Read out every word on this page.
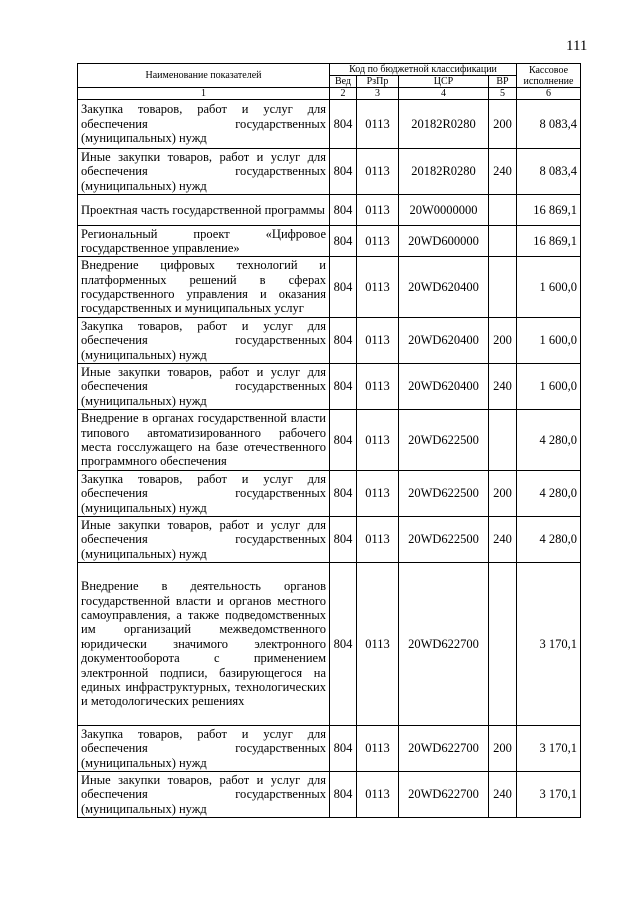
111
Наименование показателей	Код по бюджетной классификации				Кассовое исполнение
	Вед	РзПр	ЦСР	ВР	
1	2	3	4	5	6
Закупка товаров, работ и услуг для обеспечения государственных (муниципальных) нужд	804	0113	20182R0280	200	8 083,4
Иные закупки товаров, работ и услуг для обеспечения государственных (муниципальных) нужд	804	0113	20182R0280	240	8 083,4
Проектная часть государственной программы	804	0113	20W0000000		16 869,1
Региональный проект «Цифровое государственное управление»	804	0113	20WD600000		16 869,1
Внедрение цифровых технологий и платформенных решений в сферах государственного управления и оказания государственных и муниципальных услуг	804	0113	20WD620400		1 600,0
Закупка товаров, работ и услуг для обеспечения государственных (муниципальных) нужд	804	0113	20WD620400	200	1 600,0
Иные закупки товаров, работ и услуг для обеспечения государственных (муниципальных) нужд	804	0113	20WD620400	240	1 600,0
Внедрение в органах государственной власти типового автоматизированного рабочего места госслужащего на базе отечественного программного обеспечения	804	0113	20WD622500		4 280,0
Закупка товаров, работ и услуг для обеспечения государственных (муниципальных) нужд	804	0113	20WD622500	200	4 280,0
Иные закупки товаров, работ и услуг для обеспечения государственных (муниципальных) нужд	804	0113	20WD622500	240	4 280,0
Внедрение в деятельность органов государственной власти и органов местного самоуправления, а также подведомственных им организаций межведомственного юридически значимого электронного документооборота с применением электронной подписи, базирующегося на единых инфраструктурных, технологических и методологических решениях	804	0113	20WD622700		3 170,1
Закупка товаров, работ и услуг для обеспечения государственных (муниципальных) нужд	804	0113	20WD622700	200	3 170,1
Иные закупки товаров, работ и услуг для обеспечения государственных (муниципальных) нужд	804	0113	20WD622700	240	3 170,1
